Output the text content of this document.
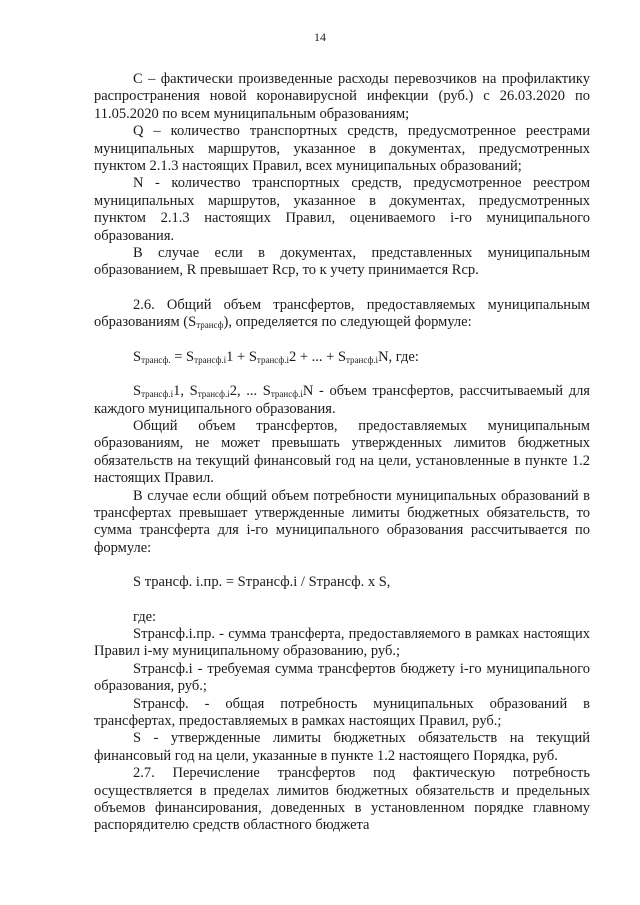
14

C – фактически произведенные расходы перевозчиков на профилактику распространения новой коронавирусной инфекции (руб.) с 26.03.2020 по 11.05.2020 по всем муниципальным образованиям;

Q – количество транспортных средств, предусмотренное реестрами муниципальных маршрутов, указанное в документах, предусмотренных пунктом 2.1.3 настоящих Правил, всех муниципальных образований;

N - количество транспортных средств, предусмотренное реестром муниципальных маршрутов, указанное в документах, предусмотренных пунктом 2.1.3 настоящих Правил, оцениваемого i-го муниципального образования.

В случае если в документах, представленных муниципальным образованием, R превышает Rср, то к учету принимается Rср.

2.6. Общий объем трансфертов, предоставляемых муниципальным образованиям $(S_{трансф})$, определяется по следующей формуле:

$S_{трансф.} = S_{трансф.i}1 + S_{трансф.i}2$ + ... + $S_{трансф.i}N$, где:

$S_{трансф.i}1$, $S_{трансф.i}2$, ... $S_{трансф.i}N$ - объем трансфертов, рассчитываемый для каждого муниципального образования.

Общий объем трансфертов, предоставляемых муниципальным образованиям, не может превышать утвержденных лимитов бюджетных обязательств на текущий финансовый год на цели, установленные в пункте 1.2 настоящих Правил.

В случае если общий объем потребности муниципальных образований в трансфертах превышает утвержденные лимиты бюджетных обязательств, то сумма трансферта для i-го муниципального образования рассчитывается по формуле:

S трансф. i.пр. = Sтрансф.i / Sтрансф. x S,

где:

Sтрансф.i.пр. - сумма трансферта, предоставляемого в рамках настоящих Правил i-му муниципальному образованию, руб.;

Sтрансф.i - требуемая сумма трансфертов бюджету i-го муниципального образования, руб.;

Sтрансф. - общая потребность муниципальных образований в трансфертах, предоставляемых в рамках настоящих Правил, руб.;

S - утвержденные лимиты бюджетных обязательств на текущий финансовый год на цели, указанные в пункте 1.2 настоящего Порядка, руб.

2.7. Перечисление трансфертов под фактическую потребность осуществляется в пределах лимитов бюджетных обязательств и предельных объемов финансирования, доведенных в установленном порядке главному распорядителю средств областного бюджета
